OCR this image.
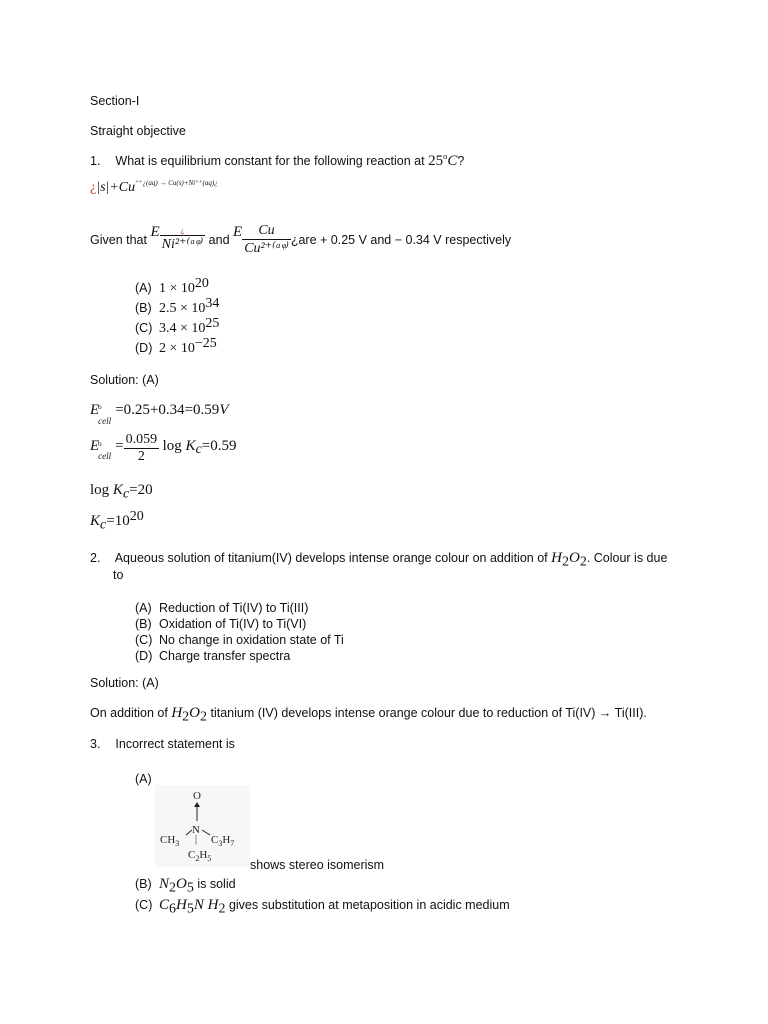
Section-I
Straight objective
1. What is equilibrium constant for the following reaction at 25$^o$C?
¿$|s|+Cu^{^{++}¿(aq) \to Cu(s)+Ni^{++}(aq)¿}$
Given that E $\frac{¿}{\text{Ni²⁺⁽ᵃᵠ⁾}}$ and E $\frac{Cu}{\text{Cu²⁺⁽ᵃᵠ⁾}}$ ¿are + 0.25 V and − 0.34 V respectively
(A) $1 \times 10^{20}$
(B) $2.5 \times 10^{34}$
(C) $3.4 \times 10^{25}$
(D) $2 \times 10^{-25}$
Solution: (A)
E o
cell
=0.25+0.34=0.59V
E o
cell
= $\frac{0.059}{2}$ $\log K_c=0.59$
$\log K_c=20$
$K_c=10^{20}$
2. Aqueous solution of titanium(IV) develops intense orange colour on addition of $H_2O_2$. Colour is due
to
(A) Reduction of Ti(IV) to Ti(III)
(B) Oxidation of Ti(IV) to Ti(VI)
(C) No change in oxidation state of Ti
(D) Charge transfer spectra
Solution: (A)
On addition of $H_2O_2$ titanium (IV) develops intense orange colour due to reduction of Ti(IV) → Ti(III).
3. Incorrect statement is
(A)
O
N
$CH_3$ | $C_3H_7$
$C_2H_5$	shows stereo isomerism
(B) $N_2O_5$ is solid
(C) $C_6H_5N$ $H_2$ gives substitution at metaposition in acidic medium
